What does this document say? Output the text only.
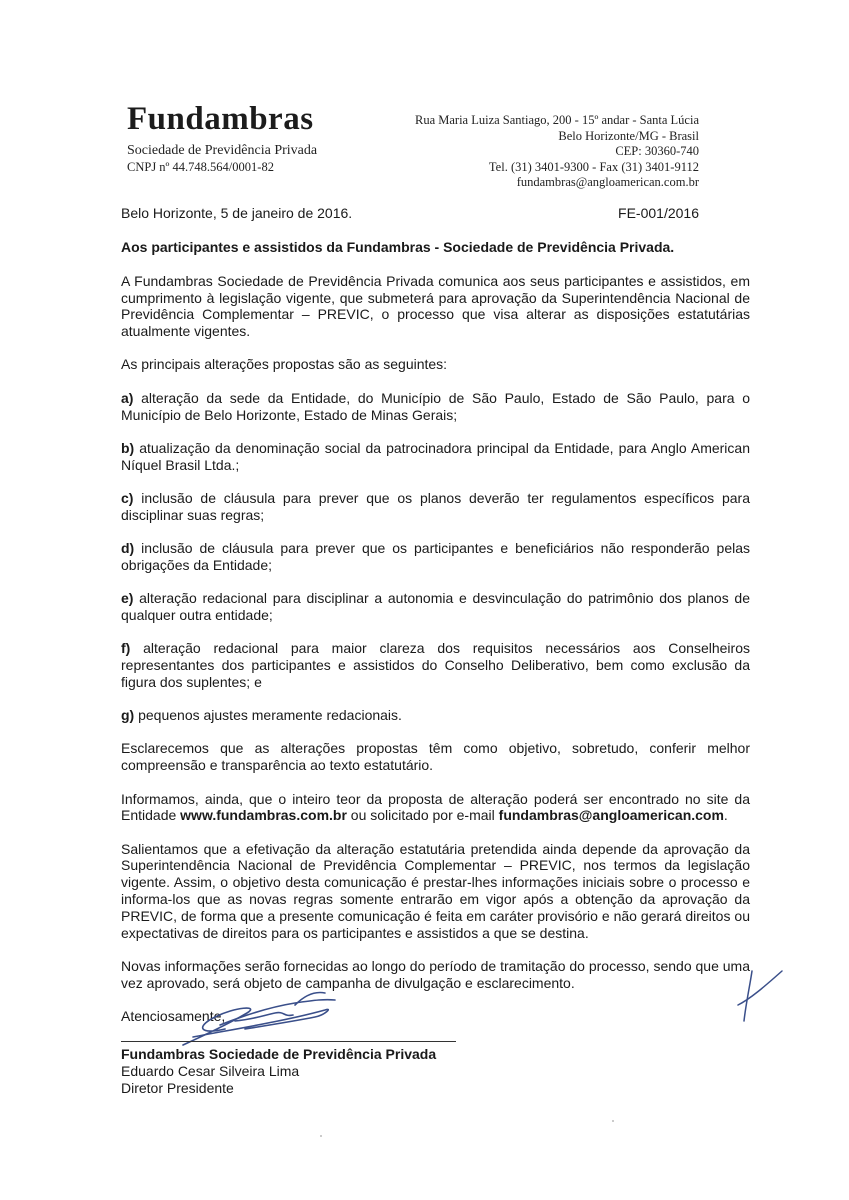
Fundambras
Sociedade de Previdência Privada
CNPJ nº 44.748.564/0001-82
Rua Maria Luiza Santiago, 200 - 15º andar - Santa Lúcia
Belo Horizonte/MG - Brasil
CEP: 30360-740
Tel. (31) 3401-9300 - Fax (31) 3401-9112
fundambras@angloamerican.com.br
Belo Horizonte, 5 de janeiro de 2016.	FE-001/2016

Aos participantes e assistidos da Fundambras - Sociedade de Previdência Privada.

A Fundambras Sociedade de Previdência Privada comunica aos seus participantes e assistidos, em cumprimento à legislação vigente, que submeterá para aprovação da Superintendência Nacional de Previdência Complementar – PREVIC, o processo que visa alterar as disposições estatutárias atualmente vigentes.

As principais alterações propostas são as seguintes:

a) alteração da sede da Entidade, do Município de São Paulo, Estado de São Paulo, para o Município de Belo Horizonte, Estado de Minas Gerais;

b) atualização da denominação social da patrocinadora principal da Entidade, para Anglo American Níquel Brasil Ltda.;

c) inclusão de cláusula para prever que os planos deverão ter regulamentos específicos para disciplinar suas regras;

d) inclusão de cláusula para prever que os participantes e beneficiários não responderão pelas obrigações da Entidade;

e) alteração redacional para disciplinar a autonomia e desvinculação do patrimônio dos planos de qualquer outra entidade;

f) alteração redacional para maior clareza dos requisitos necessários aos Conselheiros representantes dos participantes e assistidos do Conselho Deliberativo, bem como exclusão da figura dos suplentes; e

g) pequenos ajustes meramente redacionais.

Esclarecemos que as alterações propostas têm como objetivo, sobretudo, conferir melhor compreensão e transparência ao texto estatutário.

Informamos, ainda, que o inteiro teor da proposta de alteração poderá ser encontrado no site da Entidade www.fundambras.com.br ou solicitado por e-mail fundambras@angloamerican.com.

Salientamos que a efetivação da alteração estatutária pretendida ainda depende da aprovação da Superintendência Nacional de Previdência Complementar – PREVIC, nos termos da legislação vigente. Assim, o objetivo desta comunicação é prestar-lhes informações iniciais sobre o processo e informa-los que as novas regras somente entrarão em vigor após a obtenção da aprovação da PREVIC, de forma que a presente comunicação é feita em caráter provisório e não gerará direitos ou expectativas de direitos para os participantes e assistidos a que se destina.

Novas informações serão fornecidas ao longo do período de tramitação do processo, sendo que uma vez aprovado, será objeto de campanha de divulgação e esclarecimento.

Atenciosamente,

Fundambras Sociedade de Previdência Privada
Eduardo Cesar Silveira Lima
Diretor Presidente
